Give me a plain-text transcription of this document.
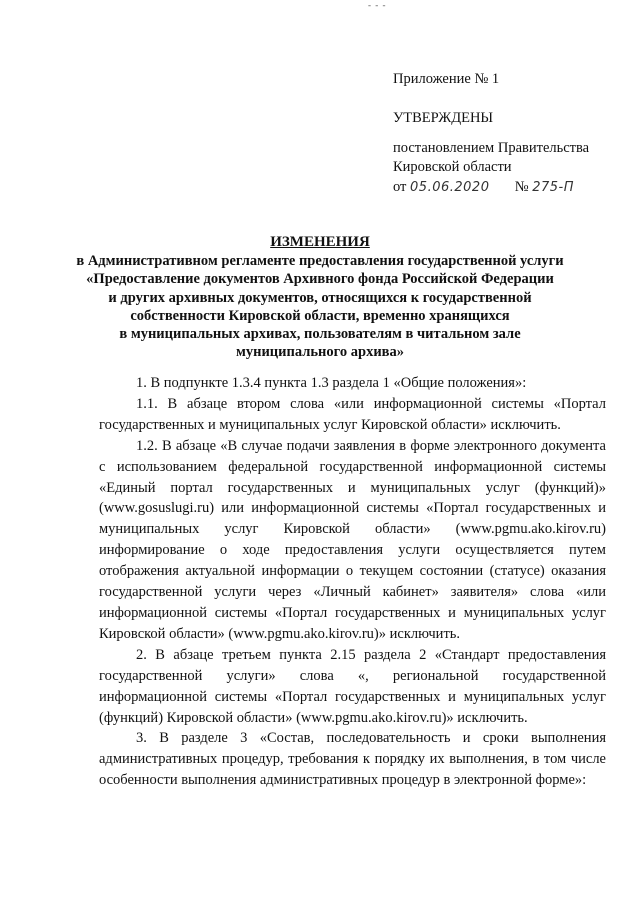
- - -

Приложение № 1

УТВЕРЖДЕНЫ

постановлением Правительства
Кировской области
от 05.06.2020 № 275-П
ИЗМЕНЕНИЯ
в Административном регламенте предоставления государственной услуги
«Предоставление документов Архивного фонда Российской Федерации
и других архивных документов, относящихся к государственной
собственности Кировской области, временно хранящихся
в муниципальных архивах, пользователям в читальном зале
муниципального архива»

1. В подпункте 1.3.4 пункта 1.3 раздела 1 «Общие положения»:

1.1. В абзаце втором слова «или информационной системы «Портал государственных и муниципальных услуг Кировской области» исключить.

1.2. В абзаце «В случае подачи заявления в форме электронного документа с использованием федеральной государственной информационной системы «Единый портал государственных и муниципальных услуг (функций)» (www.gosuslugi.ru) или информационной системы «Портал государственных и муниципальных услуг Кировской области» (www.pgmu.ako.kirov.ru) информирование о ходе предоставления услуги осуществляется путем отображения актуальной информации о текущем состоянии (статусе) оказания государственной услуги через «Личный кабинет» заявителя» слова «или информационной системы «Портал государственных и муниципальных услуг Кировской области» (www.pgmu.ako.kirov.ru)» исключить.

2. В абзаце третьем пункта 2.15 раздела 2 «Стандарт предоставления государственной услуги» слова «, региональной государственной информационной системы «Портал государственных и муниципальных услуг (функций) Кировской области» (www.pgmu.ako.kirov.ru)» исключить.

3. В разделе 3 «Состав, последовательность и сроки выполнения административных процедур, требования к порядку их выполнения, в том числе особенности выполнения административных процедур в электронной форме»:
